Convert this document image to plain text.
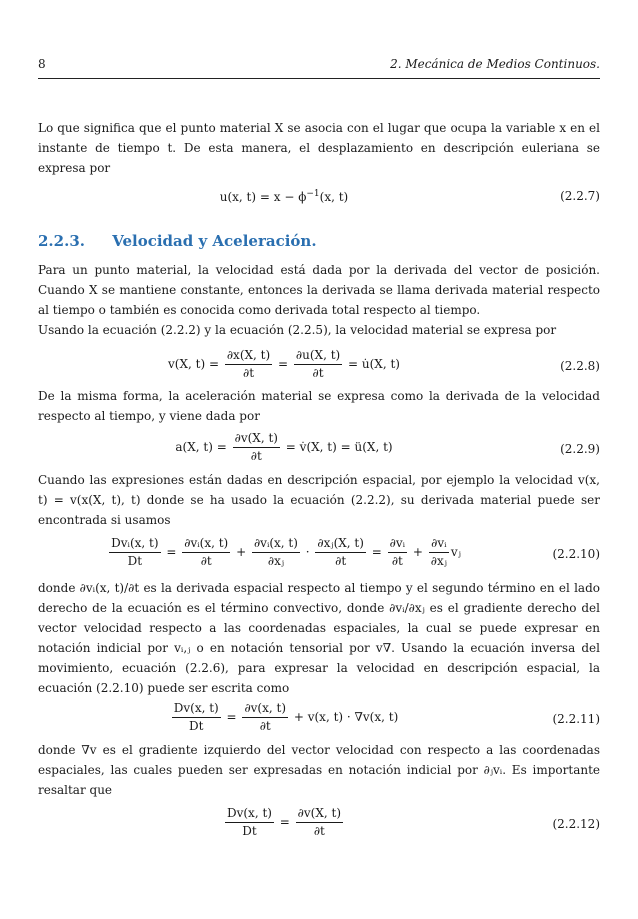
8	2. Mecánica de Medios Continuos.

Lo que significa que el punto material X se asocia con el lugar que ocupa la variable x en el instante de tiempo t. De esta manera, el desplazamiento en descripción euleriana se expresa por

u(x, $t) = x - \phi^{-1}(x$, t)	(2.2.7)
2.2.3. Velocidad y Aceleración.

Para un punto material, la velocidad está dada por la derivada del vector de posición. Cuando X se mantiene constante, entonces la derivada se llama derivada material respecto al tiempo o también es conocida como derivada total respecto al tiempo.

Usando la ecuación (2.2.2) y la ecuación (2.2.5), la velocidad material se expresa por

v(X, $t) = \frac{\partial x(X, t)}{\partial t} = \frac{\partial u(X, t)}{\partial t}$ = u̇(X, t)	(2.2.8)

De la misma forma, la aceleración material se expresa como la derivada de la velocidad respecto al tiempo, y viene dada por

a(X, $t) = \frac{\partial v(X, t)}{\partial t}$ = v̇(X, t) = ü(X, t)	(2.2.9)

Cuando las expresiones están dadas en descripción espacial, por ejemplo la velocidad v(x, t) = v(x(X, t), t) donde se ha usado la ecuación (2.2.2), su derivada material puede ser encontrada si usamos

$\frac{\text{Dvᵢ(x, t)}}{Dt} = \frac{\text{∂vᵢ(x, t)}}{\partial t} + \frac{\text{∂vᵢ(x, t)}}{\text{∂xⱼ}} \cdot \frac{\text{∂xⱼ(X, t)}}{\partial t} = \frac{\text{∂vᵢ}}{\partial t} + \frac{\text{∂vᵢ}}{\text{∂xⱼ}}$ vⱼ	(2.2.10)

donde ∂vᵢ(x, t)/∂t es la derivada espacial respecto al tiempo y el segundo término en el lado derecho de la ecuación es el término convectivo, donde ∂vᵢ/∂xⱼ es el gradiente derecho del vector velocidad respecto a las coordenadas espaciales, la cual se puede expresar en notación indicial por vᵢ,ⱼ o en notación tensorial por v∇. Usando la ecuación inversa del movimiento, ecuación (2.2.6), para expresar la velocidad en descripción espacial, la ecuación (2.2.10) puede ser escrita como

$\frac{Dv(x, t)}{Dt} = \frac{\partial v(x, t)}{\partial t} + v(x$, t) · ∇v(x, t)	(2.2.11)

donde ∇v es el gradiente izquierdo del vector velocidad con respecto a las coordenadas espaciales, las cuales pueden ser expresadas en notación indicial por ∂ⱼvᵢ. Es importante resaltar que

$\frac{Dv(x, t)}{Dt} = \frac{\partial v(X, t)}{\partial t}$	(2.2.12)
